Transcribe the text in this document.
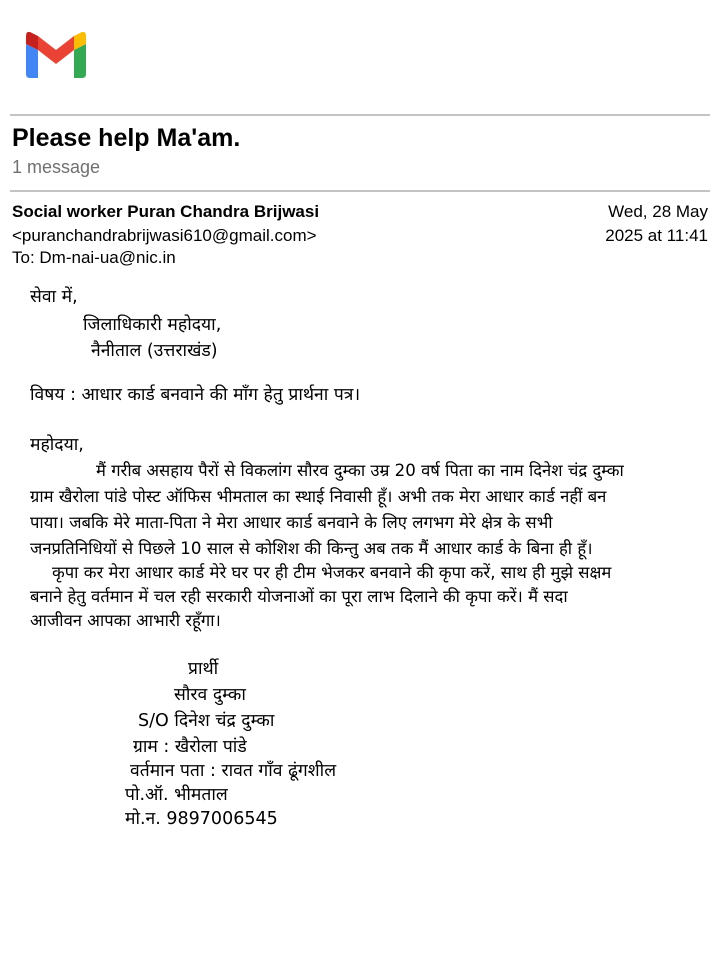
Please help Ma'am.
1 message
Social worker Puran Chandra Brijwasi
<puranchandrabrijwasi610@gmail.com>
To: Dm-nai-ua@nic.in
Wed, 28 May
2025 at 11:41
सेवा में,
जिलाधिकारी महोदया,
नैनीताल (उत्तराखंड)
विषय : आधार कार्ड बनवाने की माँग हेतु प्रार्थना पत्र।
महोदया,
मैं गरीब असहाय पैरों से विकलांग सौरव दुम्का उम्र 20 वर्ष पिता का नाम दिनेश चंद्र दुम्का
ग्राम खैरोला पांडे पोस्ट ऑफिस भीमताल का स्थाई निवासी हूँ। अभी तक मेरा आधार कार्ड नहीं बन
पाया। जबकि मेरे माता-पिता ने मेरा आधार कार्ड बनवाने के लिए लगभग मेरे क्षेत्र के सभी
जनप्रतिनिधियों से पिछले 10 साल से कोशिश की किन्तु अब तक मैं आधार कार्ड के बिना ही हूँ।
कृपा कर मेरा आधार कार्ड मेरे घर पर ही टीम भेजकर बनवाने की कृपा करें, साथ ही मुझे सक्षम
बनाने हेतु वर्तमान में चल रही सरकारी योजनाओं का पूरा लाभ दिलाने की कृपा करें। मैं सदा
आजीवन आपका आभारी रहूँगा।
प्रार्थी
सौरव दुम्का
S/O दिनेश चंद्र दुम्का
ग्राम : खैरोला पांडे
वर्तमान पता : रावत गाँव ढूंगशील
पो.ऑ. भीमताल
मो.न. 9897006545
